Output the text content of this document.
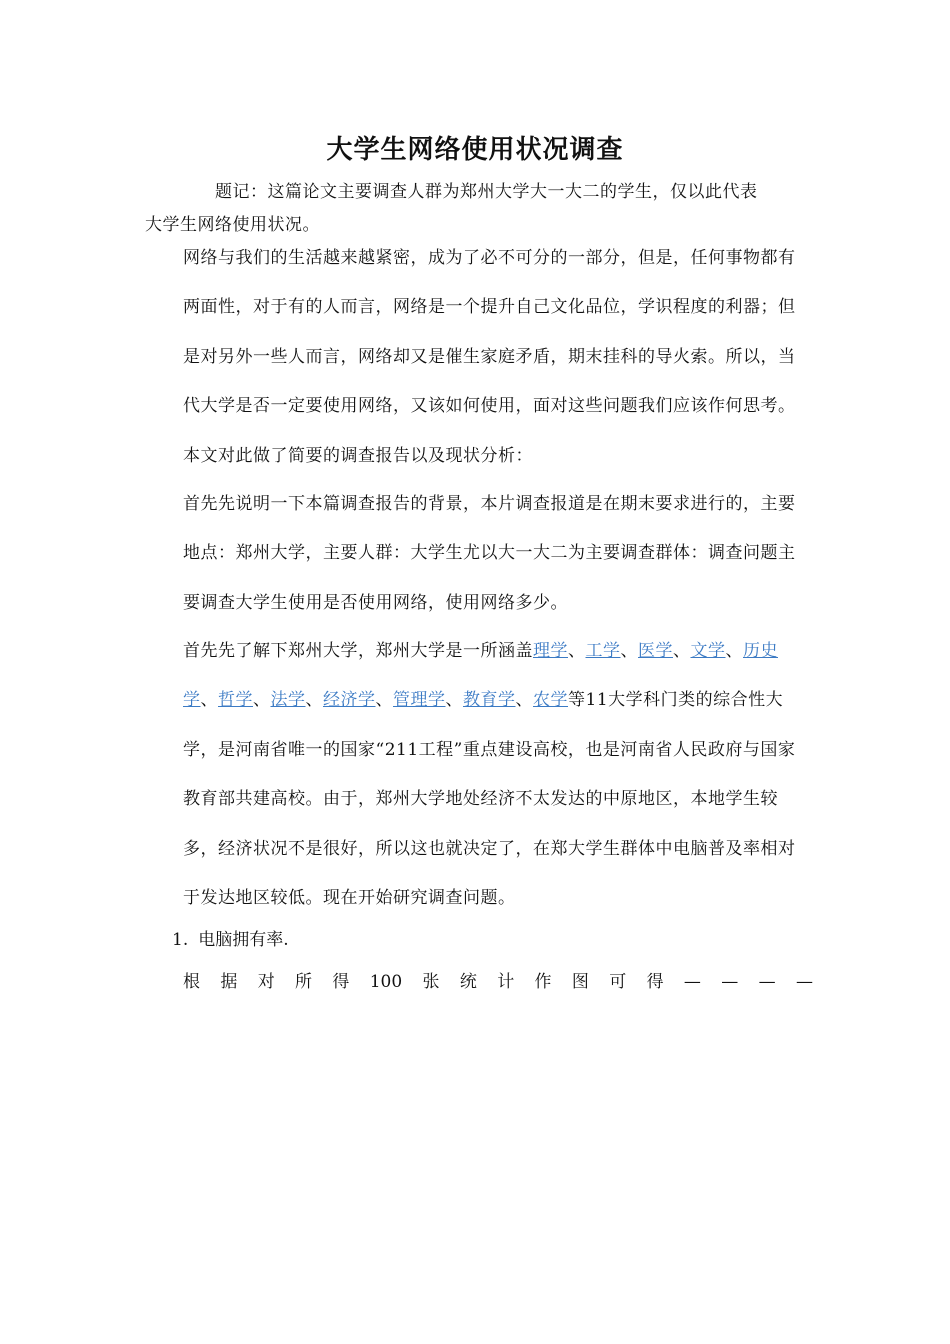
大学生网络使用状况调查

题记：这篇论文主要调查人群为郑州大学大一大二的学生，仅以此代表

大学生网络使用状况。

网络与我们的生活越来越紧密，成为了必不可分的一部分，但是，任何事物都有两面性，对于有的人而言，网络是一个提升自己文化品位，学识程度的利器；但是对另外一些人而言，网络却又是催生家庭矛盾，期末挂科的导火索。所以，当代大学是否一定要使用网络，又该如何使用，面对这些问题我们应该作何思考。本文对此做了简要的调查报告以及现状分析：

首先先说明一下本篇调查报告的背景，本片调查报道是在期末要求进行的，主要地点：郑州大学，主要人群：大学生尤以大一大二为主要调查群体：调查问题主要调查大学生使用是否使用网络，使用网络多少。

首先先了解下郑州大学，郑州大学是一所涵盖理学、工学、医学、文学、历史学、哲学、法学、经济学、管理学、教育学、农学等11大学科门类的综合性大学，是河南省唯一的国家“211工程”重点建设高校，也是河南省人民政府与国家教育部共建高校。由于，郑州大学地处经济不太发达的中原地区，本地学生较多，经济状况不是很好，所以这也就决定了，在郑大学生群体中电脑普及率相对于发达地区较低。现在开始研究调查问题。

1. 电脑拥有率.
根 据 对 所 得 100 张 统 计 作 图 可 得 — — — —
